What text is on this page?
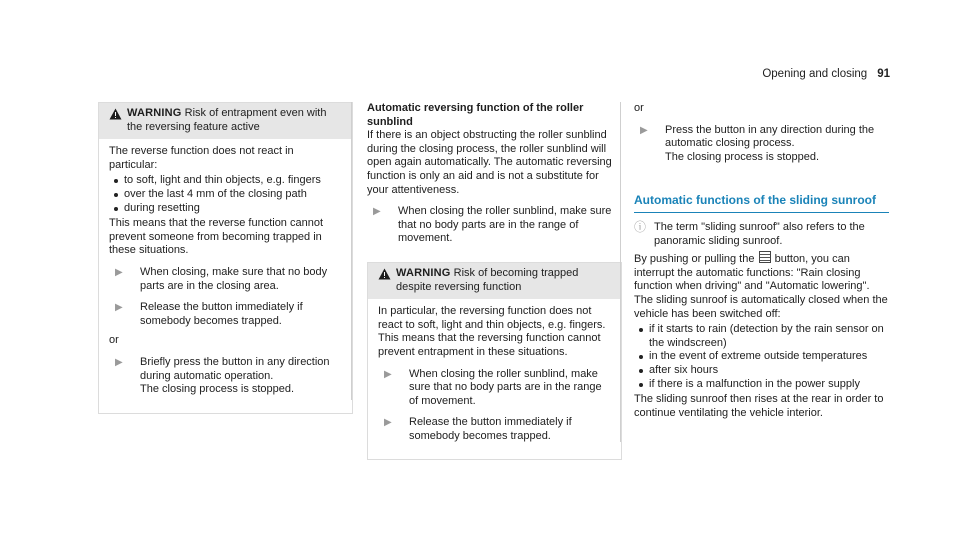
Opening and closing 91
WARNING Risk of entrapment even with the reversing feature active

The reverse function does not react in particular:

to soft, light and thin objects, e.g. fingers
over the last 4 mm of the closing path
during resetting

This means that the reverse function cannot prevent someone from becoming trapped in these situations.

▶	When closing, make sure that no body parts are in the closing area.
▶	Release the button immediately if somebody becomes trapped.

or

▶	Briefly press the button in any direction during automatic operation.
The closing process is stopped.

Automatic reversing function of the roller sunblind

If there is an object obstructing the roller sunblind during the closing process, the roller sunblind will open again automatically. The automatic reversing function is only an aid and is not a substitute for your attentiveness.

▶	When closing the roller sunblind, make sure that no body parts are in the range of movement.
WARNING Risk of becoming trapped despite reversing function

In particular, the reversing function does not react to soft, light and thin objects, e.g. fingers.

This means that the reversing function cannot prevent entrapment in these situations.

▶	When closing the roller sunblind, make sure that no body parts are in the range of movement.
▶	Release the button immediately if somebody becomes trapped.

or

▶	Press the button in any direction during the automatic closing process.
The closing process is stopped.
Automatic functions of the sliding sunroof
ⓘ The term "sliding sunroof" also refers to the panoramic sliding sunroof.

By pushing or pulling the button, you can interrupt the automatic functions: "Rain closing function when driving" and "Automatic lowering".

The sliding sunroof is automatically closed when the vehicle has been switched off:

if it starts to rain (detection by the rain sensor on the windscreen)
in the event of extreme outside temperatures
after six hours
if there is a malfunction in the power supply

The sliding sunroof then rises at the rear in order to continue ventilating the vehicle interior.
